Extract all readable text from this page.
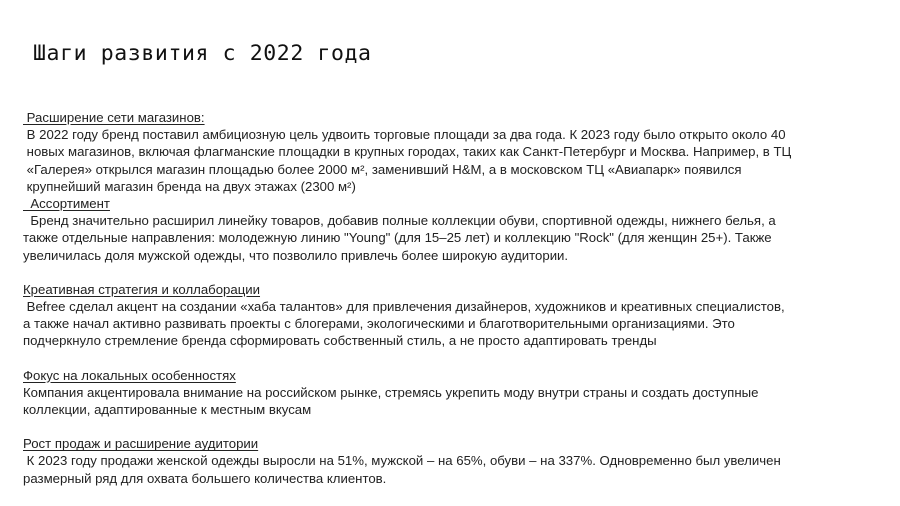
Шаги развития с 2022 года
Расширение сети магазинов:
В 2022 году бренд поставил амбициозную цель удвоить торговые площади за два года. К 2023 году было открыто около 40
новых магазинов, включая флагманские площадки в крупных городах, таких как Санкт-Петербург и Москва. Например, в ТЦ
«Галерея» открылся магазин площадью более 2000 м², заменивший H&M, а в московском ТЦ «Авиапарк» появился
крупнейший магазин бренда на двух этажах (2300 м²)
Ассортимент
Бренд значительно расширил линейку товаров, добавив полные коллекции обуви, спортивной одежды, нижнего белья, а
также отдельные направления: молодежную линию "Young" (для 15–25 лет) и коллекцию "Rock" (для женщин 25+). Также
увеличилась доля мужской одежды, что позволило привлечь более широкую аудитории.
Креативная стратегия и коллаборации
Befree сделал акцент на создании «хаба талантов» для привлечения дизайнеров, художников и креативных специалистов,
а также начал активно развивать проекты с блогерами, экологическими и благотворительными организациями. Это
подчеркнуло стремление бренда сформировать собственный стиль, а не просто адаптировать тренды
Фокус на локальных особенностях
Компания акцентировала внимание на российском рынке, стремясь укрепить моду внутри страны и создать доступные
коллекции, адаптированные к местным вкусам
Рост продаж и расширение аудитории
К 2023 году продажи женской одежды выросли на 51%, мужской – на 65%, обуви – на 337%. Одновременно был увеличен
размерный ряд для охвата большего количества клиентов.
